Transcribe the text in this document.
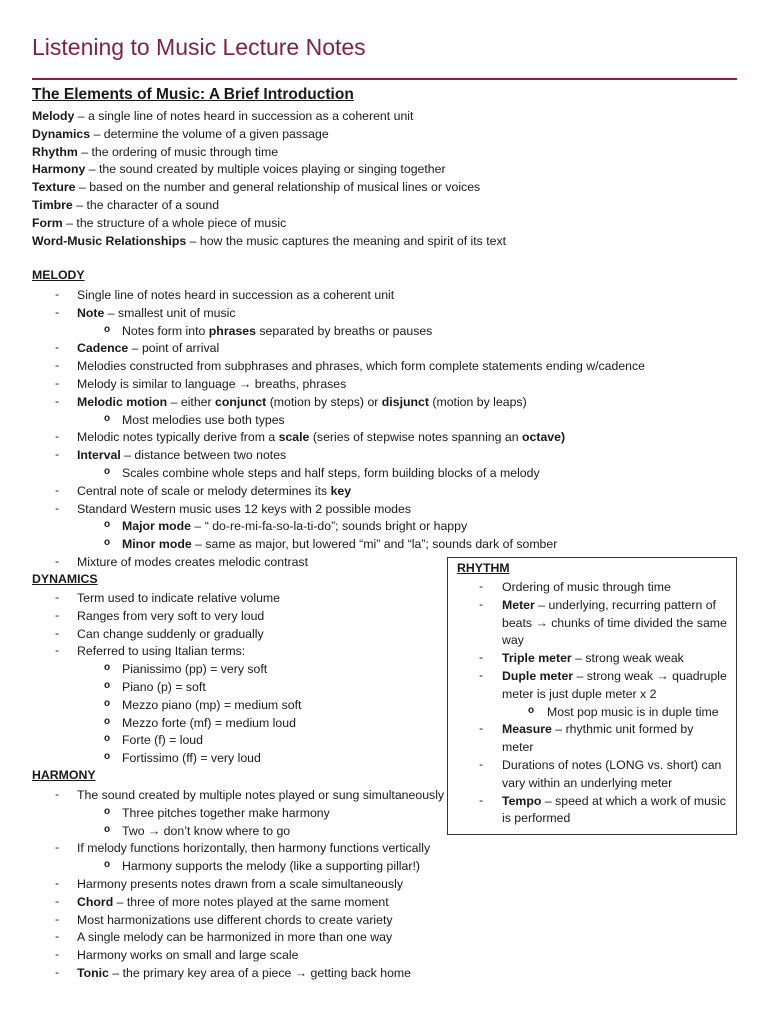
Listening to Music Lecture Notes
The Elements of Music: A Brief Introduction
Melody – a single line of notes heard in succession as a coherent unit
Dynamics – determine the volume of a given passage
Rhythm – the ordering of music through time
Harmony – the sound created by multiple voices playing or singing together
Texture – based on the number and general relationship of musical lines or voices
Timbre – the character of a sound
Form – the structure of a whole piece of music
Word-Music Relationships – how the music captures the meaning and spirit of its text
MELODY
- Single line of notes heard in succession as a coherent unit
- Note – smallest unit of music
o Notes form into phrases separated by breaths or pauses
- Cadence – point of arrival
- Melodies constructed from subphrases and phrases, which form complete statements ending w/cadence
- Melody is similar to language → breaths, phrases
- Melodic motion – either conjunct (motion by steps) or disjunct (motion by leaps)
o Most melodies use both types
- Melodic notes typically derive from a scale (series of stepwise notes spanning an octave)
- Interval – distance between two notes
o Scales combine whole steps and half steps, form building blocks of a melody
- Central note of scale or melody determines its key
- Standard Western music uses 12 keys with 2 possible modes
o Major mode – “ do-re-mi-fa-so-la-ti-do”; sounds bright or happy
o Minor mode – same as major, but lowered “mi” and “la”; sounds dark of somber
- Mixture of modes creates melodic contrast
DYNAMICS
- Term used to indicate relative volume
- Ranges from very soft to very loud
- Can change suddenly or gradually
- Referred to using Italian terms:
o Pianissimo (pp) = very soft
o Piano (p) = soft
o Mezzo piano (mp) = medium soft
o Mezzo forte (mf) = medium loud
o Forte (f) = loud
o Fortissimo (ff) = very loud
HARMONY
- The sound created by multiple notes played or sung simultaneously
o Three pitches together make harmony
o Two → don’t know where to go
- If melody functions horizontally, then harmony functions vertically
o Harmony supports the melody (like a supporting pillar!)
- Harmony presents notes drawn from a scale simultaneously
- Chord – three of more notes played at the same moment
- Most harmonizations use different chords to create variety
- A single melody can be harmonized in more than one way
- Harmony works on small and large scale
- Tonic – the primary key area of a piece → getting back home
RHYTHM
- Ordering of music through time
- Meter – underlying, recurring pattern of
beats → chunks of time divided the same
way
- Triple meter – strong weak weak
- Duple meter – strong weak → quadruple
meter is just duple meter x 2
o Most pop music is in duple time
- Measure – rhythmic unit formed by
meter
- Durations of notes (LONG vs. short) can
vary within an underlying meter
- Tempo – speed at which a work of music
is performed
